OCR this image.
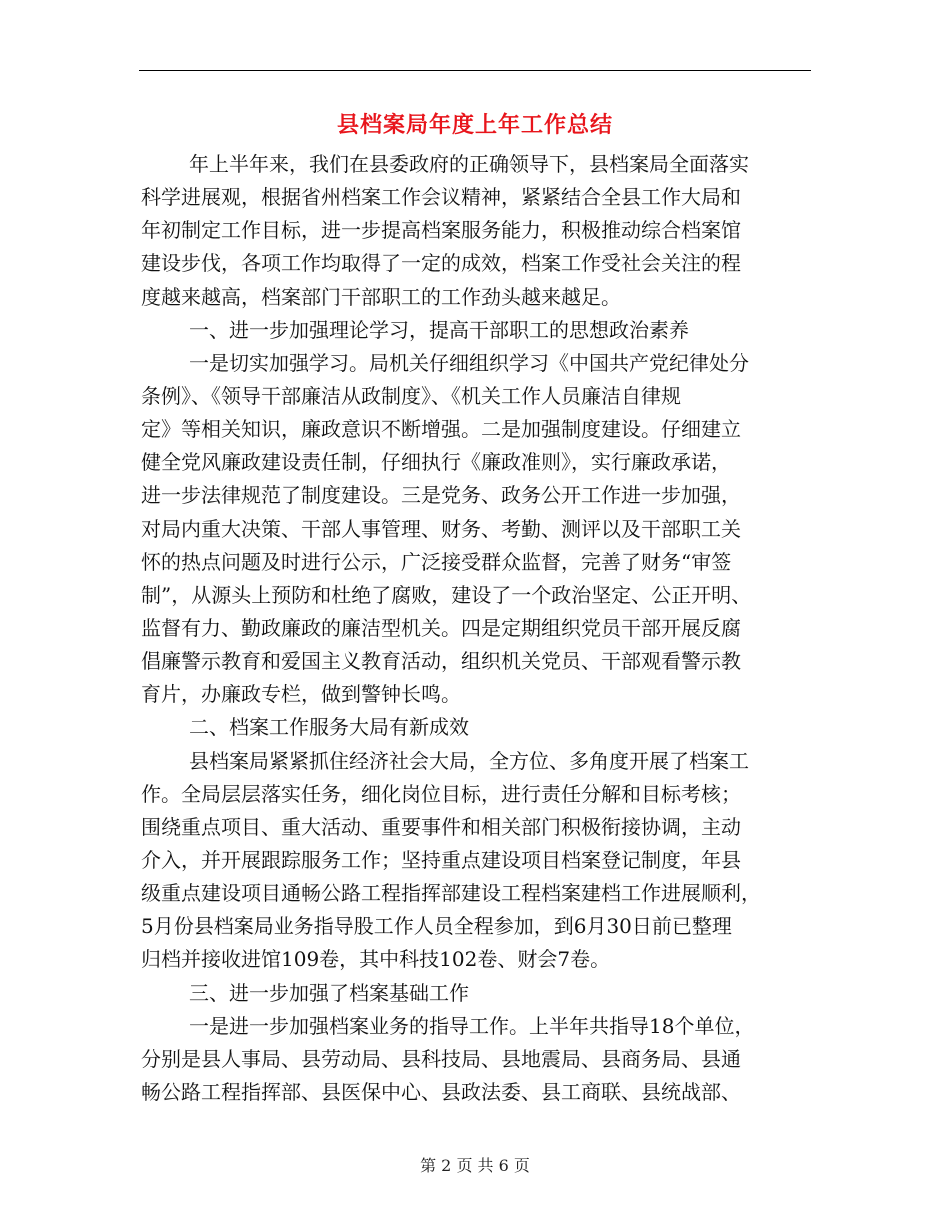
县档案局年度上年工作总结
年上半年来，我们在县委政府的正确领导下，县档案局全面落实
科学进展观，根据省州档案工作会议精神，紧紧结合全县工作大局和
年初制定工作目标，进一步提高档案服务能力，积极推动综合档案馆
建设步伐，各项工作均取得了一定的成效，档案工作受社会关注的程
度越来越高，档案部门干部职工的工作劲头越来越足。
一、进一步加强理论学习，提高干部职工的思想政治素养
一是切实加强学习。局机关仔细组织学习《中国共产党纪律处分
条例》、《领导干部廉洁从政制度》、《机关工作人员廉洁自律规
定》等相关知识，廉政意识不断增强。二是加强制度建设。仔细建立
健全党风廉政建设责任制，仔细执行《廉政准则》，实行廉政承诺，
进一步法律规范了制度建设。三是党务、政务公开工作进一步加强，
对局内重大决策、干部人事管理、财务、考勤、测评以及干部职工关
怀的热点问题及时进行公示，广泛接受群众监督，完善了财务“审签
制”，从源头上预防和杜绝了腐败，建设了一个政治坚定、公正开明、
监督有力、勤政廉政的廉洁型机关。四是定期组织党员干部开展反腐
倡廉警示教育和爱国主义教育活动，组织机关党员、干部观看警示教
育片，办廉政专栏，做到警钟长鸣。
二、档案工作服务大局有新成效
县档案局紧紧抓住经济社会大局，全方位、多角度开展了档案工
作。全局层层落实任务，细化岗位目标，进行责任分解和目标考核；
围绕重点项目、重大活动、重要事件和相关部门积极衔接协调，主动
介入，并开展跟踪服务工作；坚持重点建设项目档案登记制度，年县
级重点建设项目通畅公路工程指挥部建设工程档案建档工作进展顺利，
5月份县档案局业务指导股工作人员全程参加，到6月30日前已整理
归档并接收进馆109卷，其中科技102卷、财会7卷。
三、进一步加强了档案基础工作
一是进一步加强档案业务的指导工作。上半年共指导18个单位，
分别是县人事局、县劳动局、县科技局、县地震局、县商务局、县通
畅公路工程指挥部、县医保中心、县政法委、县工商联、县统战部、
第 2 页 共 6 页
